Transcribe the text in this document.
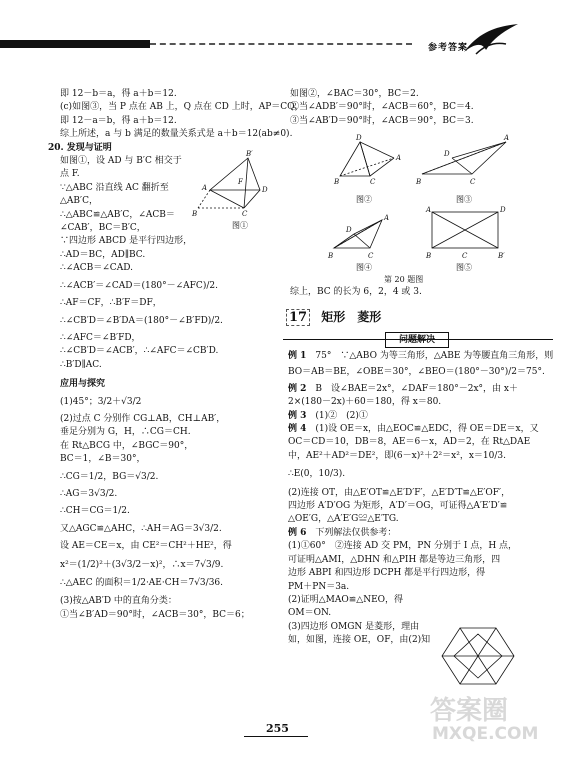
参考答案

即 12－b＝a，得 a＋b＝12.

(c)如图③，当 P 点在 AB 上，Q 点在 CD 上时，AP＝CQ，

即 12－a＝b，得 a＋b＝12.

综上所述，a 与 b 满足的数量关系式是 a＋b＝12(ab≠0).

20. 发现与证明

如图①，设 AD 与 B′C 相交于

点 F.

∵△ABC 沿直线 AC 翻折至

△AB′C，

∴△ABC≌△AB′C，∠ACB＝

∠CAB′，BC＝B′C，

∵四边形 ABCD 是平行四边形，

∴AD＝BC，AD∥BC.

∴∠ACB＝∠CAD.

∴∠ACB′＝∠CAD＝(180°－∠AFC)/2.

∴AF＝CF，∴B′F＝DF，

∴∠CB′D＝∠B′DA＝(180°－∠B′FD)/2.

∴∠AFC＝∠B′FD，

∴∠CB′D＝∠ACB′，∴∠AFC＝∠CB′D.

∴B′D∥AC.

应用与探究

(1)45°；3/2＋√3/2

(2)过点 C 分别作 CG⊥AB，CH⊥AB′，

垂足分别为 G，H，∴CG＝CH.

在 Rt△BCG 中，∠BGC＝90°，

BC＝1，∠B＝30°，

∴CG＝1/2，BG＝√3/2.

∴AG＝3√3/2.

∴CH＝CG＝1/2.

又△AGC≌△AHC，∴AH＝AG＝3√3/2.

设 AE＝CE＝x，由 CE²＝CH²＋HE²，得

x²＝(1/2)²＋(3√3/2－x)²，∴x＝7√3/9.

∴△AEC 的面积＝1/2·AE·CH＝7√3/36.

(3)按△AB′D 中的直角分类：

①当∠B′AD＝90°时，∠ACB＝30°，BC＝6；

B′
A	D
F
B	C
图①

如图②，∠BAC＝30°，BC＝2.

②当∠ADB′＝90°时，∠ACB＝60°，BC＝4.

③当∠AB′D＝90°时，∠ACB＝90°，BC＝3.

D
A
B	C
A
D
B	C
图②	图③
A
D
B	C
A	D
B	C	B′
图④	图⑤
第 20 题图

综上，BC 的长为 6，2，4 或 3.

17 矩形　菱形
问题解决

例 1　 75°　∵△ABO 为等三角形，△ABE 为等腰直角三角形，则

BO＝AB＝BE，∠OBE＝30°，∠BEO＝(180°－30°)/2＝75°.

例 2　 B　设∠BAE＝2x°，∠DAF＝180°－2x°，由 x＋

2×(180－2x)＋60＝180，得 x＝80.

例 3　 (1)②　(2)①

例 4　 (1)设 OE＝x，由△EOC≌△EDC，得 OE＝DE＝x，又

OC＝CD＝10，DB＝8，AE＝6－x，AD＝2，在 Rt△DAE

中，AE²＋AD²＝DE²，即(6－x)²＋2²＝x²，x＝10/3.

∴E(0，10/3).

(2)连接 OT，由△E′OT≌△E′D′F′，△E′D′T≌△E′OF′，

四边形 A′D′OG 为矩形，A′D′＝OG，可证得△A′E′D′≌

△OE′G，△A′E′G≌△E′TG.

例 6　 下列解法仅供参考：

(1)①60°　②连接 AD 交 PM，PN 分别于 I 点，H 点，

可证明△AMI，△DHN 和△PIH 都是等边三角形，四

边形 ABPI 和四边形 DCPH 都是平行四边形，得

PM＋PN＝3a.

(2)证明△MAO≌△NEO，得

OM＝ON.

(3)四边形 OMGN 是菱形，理由

如，如图，连接 OE，OF，由(2)知

255
答案圈
MXQE.COM
